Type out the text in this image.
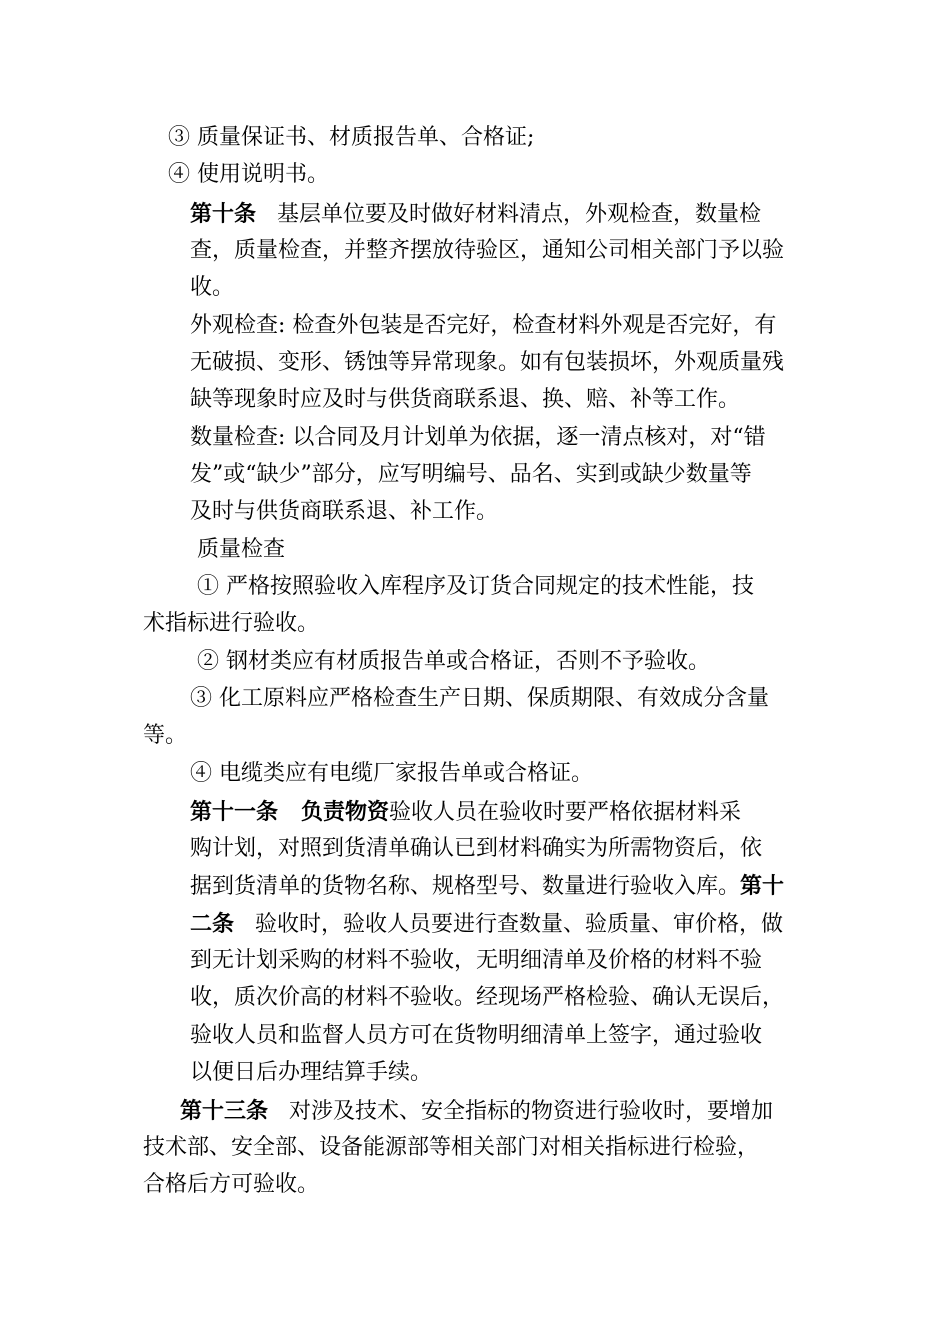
③ 质量保证书、材质报告单、合格证;
④ 使用说明书。
第十条   基层单位要及时做好材料清点，外观检查，数量检
查，质量检查，并整齐摆放待验区，通知公司相关部门予以验
收。
外观检查: 检查外包装是否完好，检查材料外观是否完好，有
无破损、变形、锈蚀等异常现象。如有包装损坏，外观质量残
缺等现象时应及时与供货商联系退、换、赔、补等工作。
数量检查: 以合同及月计划单为依据，逐一清点核对，对“错
发”或“缺少”部分，应写明编号、品名、实到或缺少数量等
及时与供货商联系退、补工作。
质量检查
① 严格按照验收入库程序及订货合同规定的技术性能，技
术指标进行验收。
② 钢材类应有材质报告单或合格证，否则不予验收。
③ 化工原料应严格检查生产日期、保质期限、有效成分含量
等。
④ 电缆类应有电缆厂家报告单或合格证。
第十一条   负责物资验收人员在验收时要严格依据材料采
购计划，对照到货清单确认已到材料确实为所需物资后，依
据到货清单的货物名称、规格型号、数量进行验收入库。第十
二条   验收时，验收人员要进行查数量、验质量、审价格，做
到无计划采购的材料不验收，无明细清单及价格的材料不验
收，质次价高的材料不验收。经现场严格检验、确认无误后，
验收人员和监督人员方可在货物明细清单上签字，通过验收
以便日后办理结算手续。
第十三条   对涉及技术、安全指标的物资进行验收时，要增加
技术部、安全部、设备能源部等相关部门对相关指标进行检验，
合格后方可验收。
